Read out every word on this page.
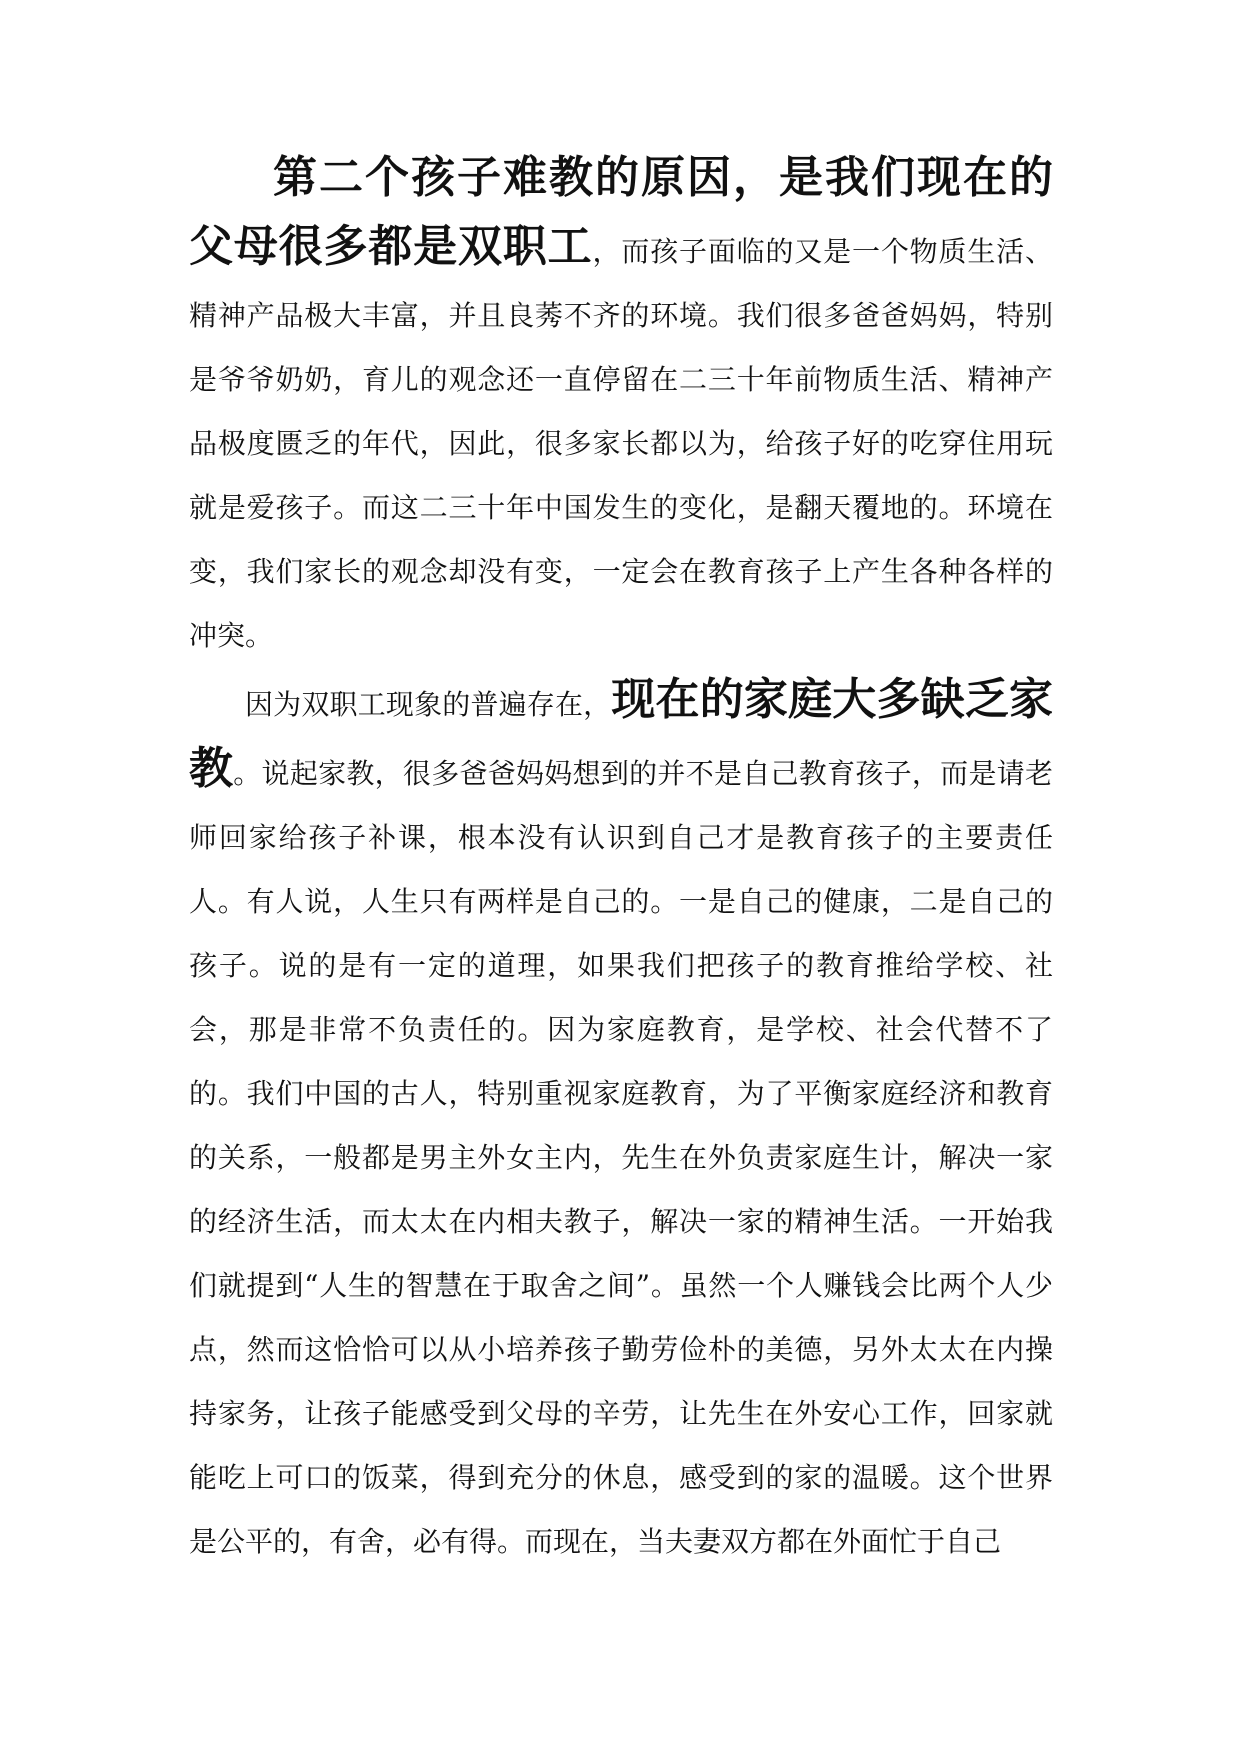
第二个孩子难教的原因，是我们现在的父母很多都是双职工，而孩子面临的又是一个物质生活、精神产品极大丰富，并且良莠不齐的环境。我们很多爸爸妈妈，特别是爷爷奶奶，育儿的观念还一直停留在二三十年前物质生活、精神产品极度匮乏的年代，因此，很多家长都以为，给孩子好的吃穿住用玩就是爱孩子。而这二三十年中国发生的变化，是翻天覆地的。环境在变，我们家长的观念却没有变，一定会在教育孩子上产生各种各样的冲突。

因为双职工现象的普遍存在，现在的家庭大多缺乏家教。说起家教，很多爸爸妈妈想到的并不是自己教育孩子，而是请老师回家给孩子补课，根本没有认识到自己才是教育孩子的主要责任人。有人说，人生只有两样是自己的。一是自己的健康，二是自己的孩子。说的是有一定的道理，如果我们把孩子的教育推给学校、社会，那是非常不负责任的。因为家庭教育，是学校、社会代替不了的。我们中国的古人，特别重视家庭教育，为了平衡家庭经济和教育的关系，一般都是男主外女主内，先生在外负责家庭生计，解决一家的经济生活，而太太在内相夫教子，解决一家的精神生活。一开始我们就提到“人生的智慧在于取舍之间”。虽然一个人赚钱会比两个人少点，然而这恰恰可以从小培养孩子勤劳俭朴的美德，另外太太在内操持家务，让孩子能感受到父母的辛劳，让先生在外安心工作，回家就能吃上可口的饭菜，得到充分的休息，感受到的家的温暖。这个世界是公平的，有舍，必有得。而现在，当夫妻双方都在外面忙于自己
